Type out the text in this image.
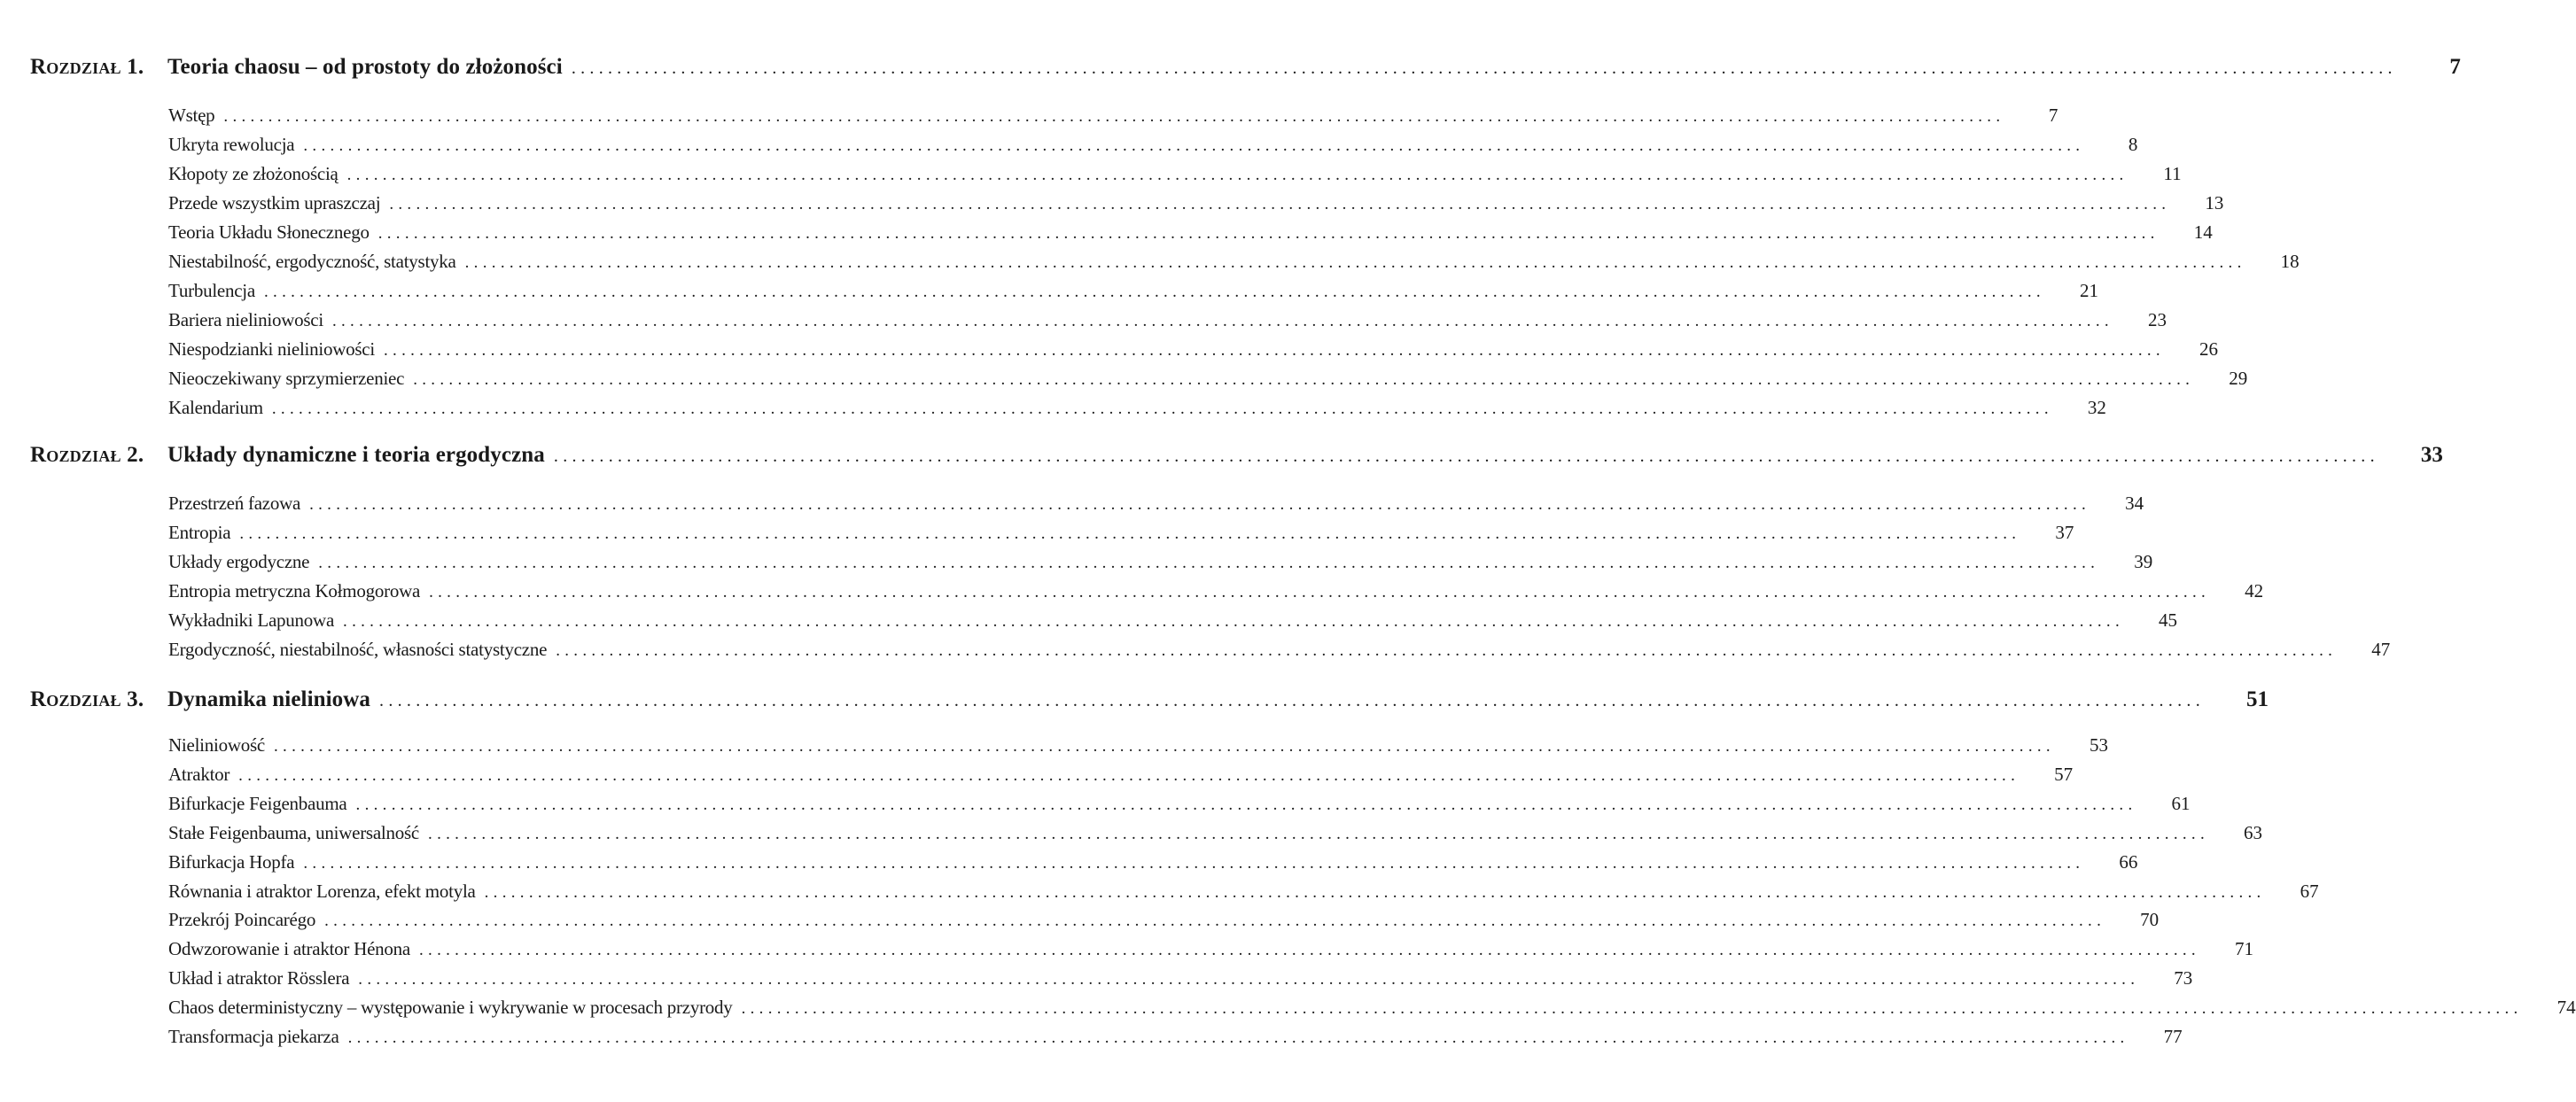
Rozdział 1.	Teoria chaosu – od prostoty do złożoności ........................................................................................................................................................................................................	7
Wstęp ........................................................................................................................................................................................................	7
Ukryta rewolucja ........................................................................................................................................................................................................	8
Kłopoty ze złożonością ........................................................................................................................................................................................................	11
Przede wszystkim upraszczaj ........................................................................................................................................................................................................	13
Teoria Układu Słonecznego ........................................................................................................................................................................................................	14
Niestabilność, ergodyczność, statystyka ........................................................................................................................................................................................................	18
Turbulencja ........................................................................................................................................................................................................	21
Bariera nieliniowości ........................................................................................................................................................................................................	23
Niespodzianki nieliniowości ........................................................................................................................................................................................................	26
Nieoczekiwany sprzymierzeniec ........................................................................................................................................................................................................	29
Kalendarium ........................................................................................................................................................................................................	32
Rozdział 2.	Układy dynamiczne i teoria ergodyczna ........................................................................................................................................................................................................	33
Przestrzeń fazowa ........................................................................................................................................................................................................	34
Entropia ........................................................................................................................................................................................................	37
Układy ergodyczne ........................................................................................................................................................................................................	39
Entropia metryczna Kołmogorowa ........................................................................................................................................................................................................	42
Wykładniki Lapunowa ........................................................................................................................................................................................................	45
Ergodyczność, niestabilność, własności statystyczne ........................................................................................................................................................................................................	47
Rozdział 3.	Dynamika nieliniowa ........................................................................................................................................................................................................	51
Nieliniowość ........................................................................................................................................................................................................	53
Atraktor ........................................................................................................................................................................................................	57
Bifurkacje Feigenbauma ........................................................................................................................................................................................................	61
Stałe Feigenbauma, uniwersalność ........................................................................................................................................................................................................	63
Bifurkacja Hopfa ........................................................................................................................................................................................................	66
Równania i atraktor Lorenza, efekt motyla ........................................................................................................................................................................................................	67
Przekrój Poincarégo ........................................................................................................................................................................................................	70
Odwzorowanie i atraktor Hénona ........................................................................................................................................................................................................	71
Układ i atraktor Rösslera ........................................................................................................................................................................................................	73
Chaos deterministyczny – występowanie i wykrywanie w procesach przyrody ........................................................................................................................................................................................................	74
Transformacja piekarza ........................................................................................................................................................................................................	77
